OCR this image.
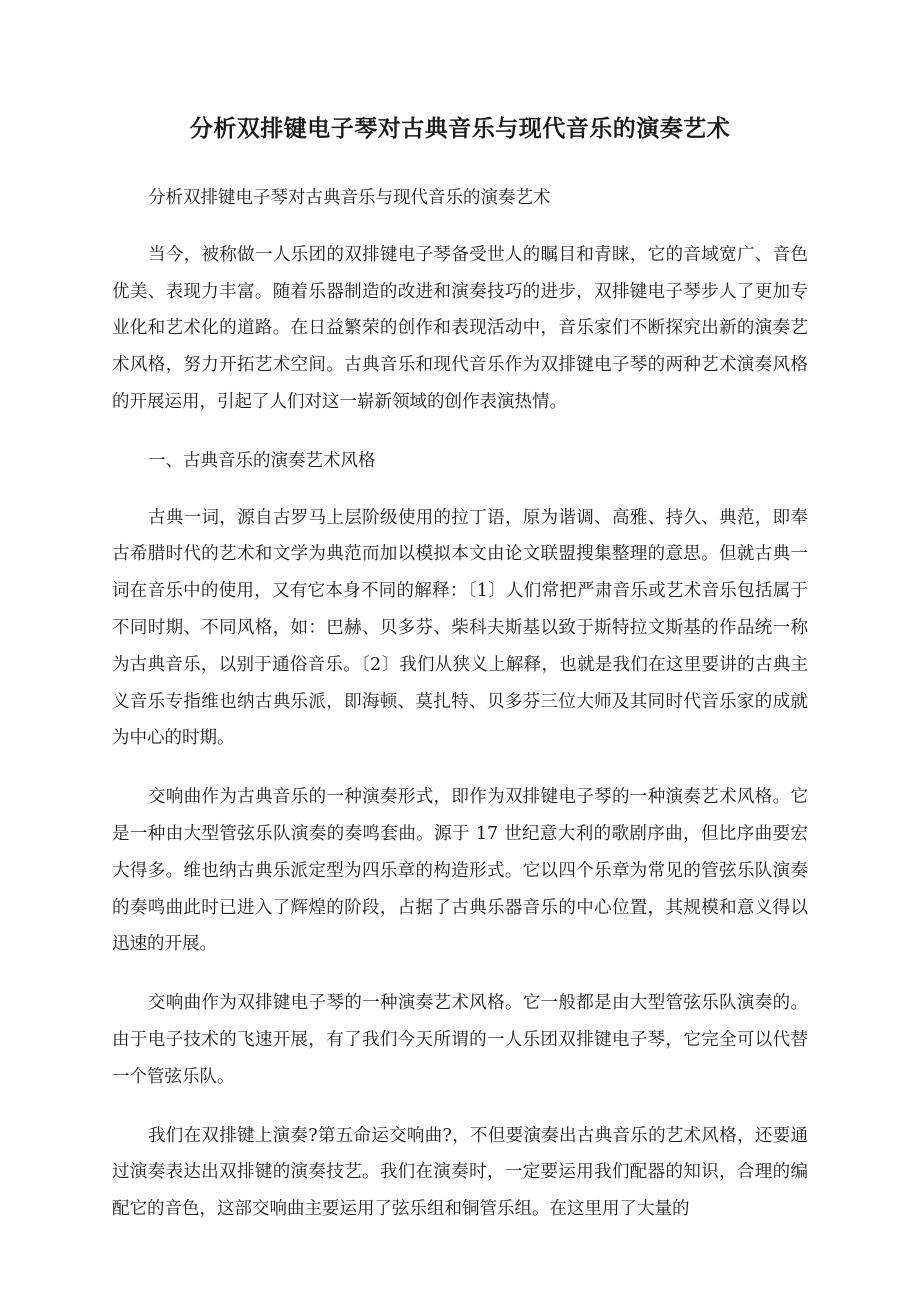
分析双排键电子琴对古典音乐与现代音乐的演奏艺术

分析双排键电子琴对古典音乐与现代音乐的演奏艺术

当今，被称做一人乐团的双排键电子琴备受世人的瞩目和青睐，它的音域宽广、音色优美、表现力丰富。随着乐器制造的改进和演奏技巧的进步，双排键电子琴步人了更加专业化和艺术化的道路。在日益繁荣的创作和表现活动中，音乐家们不断探究出新的演奏艺术风格，努力开拓艺术空间。古典音乐和现代音乐作为双排键电子琴的两种艺术演奏风格的开展运用，引起了人们对这一崭新领域的创作表演热情。

一、古典音乐的演奏艺术风格

古典一词，源自古罗马上层阶级使用的拉丁语，原为谐调、高雅、持久、典范，即奉古希腊时代的艺术和文学为典范而加以模拟本文由论文联盟搜集整理的意思。但就古典一词在音乐中的使用，又有它本身不同的解释：〔1〕人们常把严肃音乐或艺术音乐包括属于不同时期、不同风格，如：巴赫、贝多芬、柴科夫斯基以致于斯特拉文斯基的作品统一称为古典音乐，以别于通俗音乐。〔2〕我们从狭义上解释，也就是我们在这里要讲的古典主义音乐专指维也纳古典乐派，即海顿、莫扎特、贝多芬三位大师及其同时代音乐家的成就为中心的时期。

交响曲作为古典音乐的一种演奏形式，即作为双排键电子琴的一种演奏艺术风格。它是一种由大型管弦乐队演奏的奏鸣套曲。源于 17 世纪意大利的歌剧序曲，但比序曲要宏大得多。维也纳古典乐派定型为四乐章的构造形式。它以四个乐章为常见的管弦乐队演奏的奏鸣曲此时已进入了辉煌的阶段，占据了古典乐器音乐的中心位置，其规模和意义得以迅速的开展。

交响曲作为双排键电子琴的一种演奏艺术风格。它一般都是由大型管弦乐队演奏的。由于电子技术的飞速开展，有了我们今天所谓的一人乐团双排键电子琴，它完全可以代替一个管弦乐队。

我们在双排键上演奏?第五命运交响曲?，不但要演奏出古典音乐的艺术风格，还要通过演奏表达出双排键的演奏技艺。我们在演奏时，一定要运用我们配器的知识，合理的编配它的音色，这部交响曲主要运用了弦乐组和铜管乐组。在这里用了大量的
